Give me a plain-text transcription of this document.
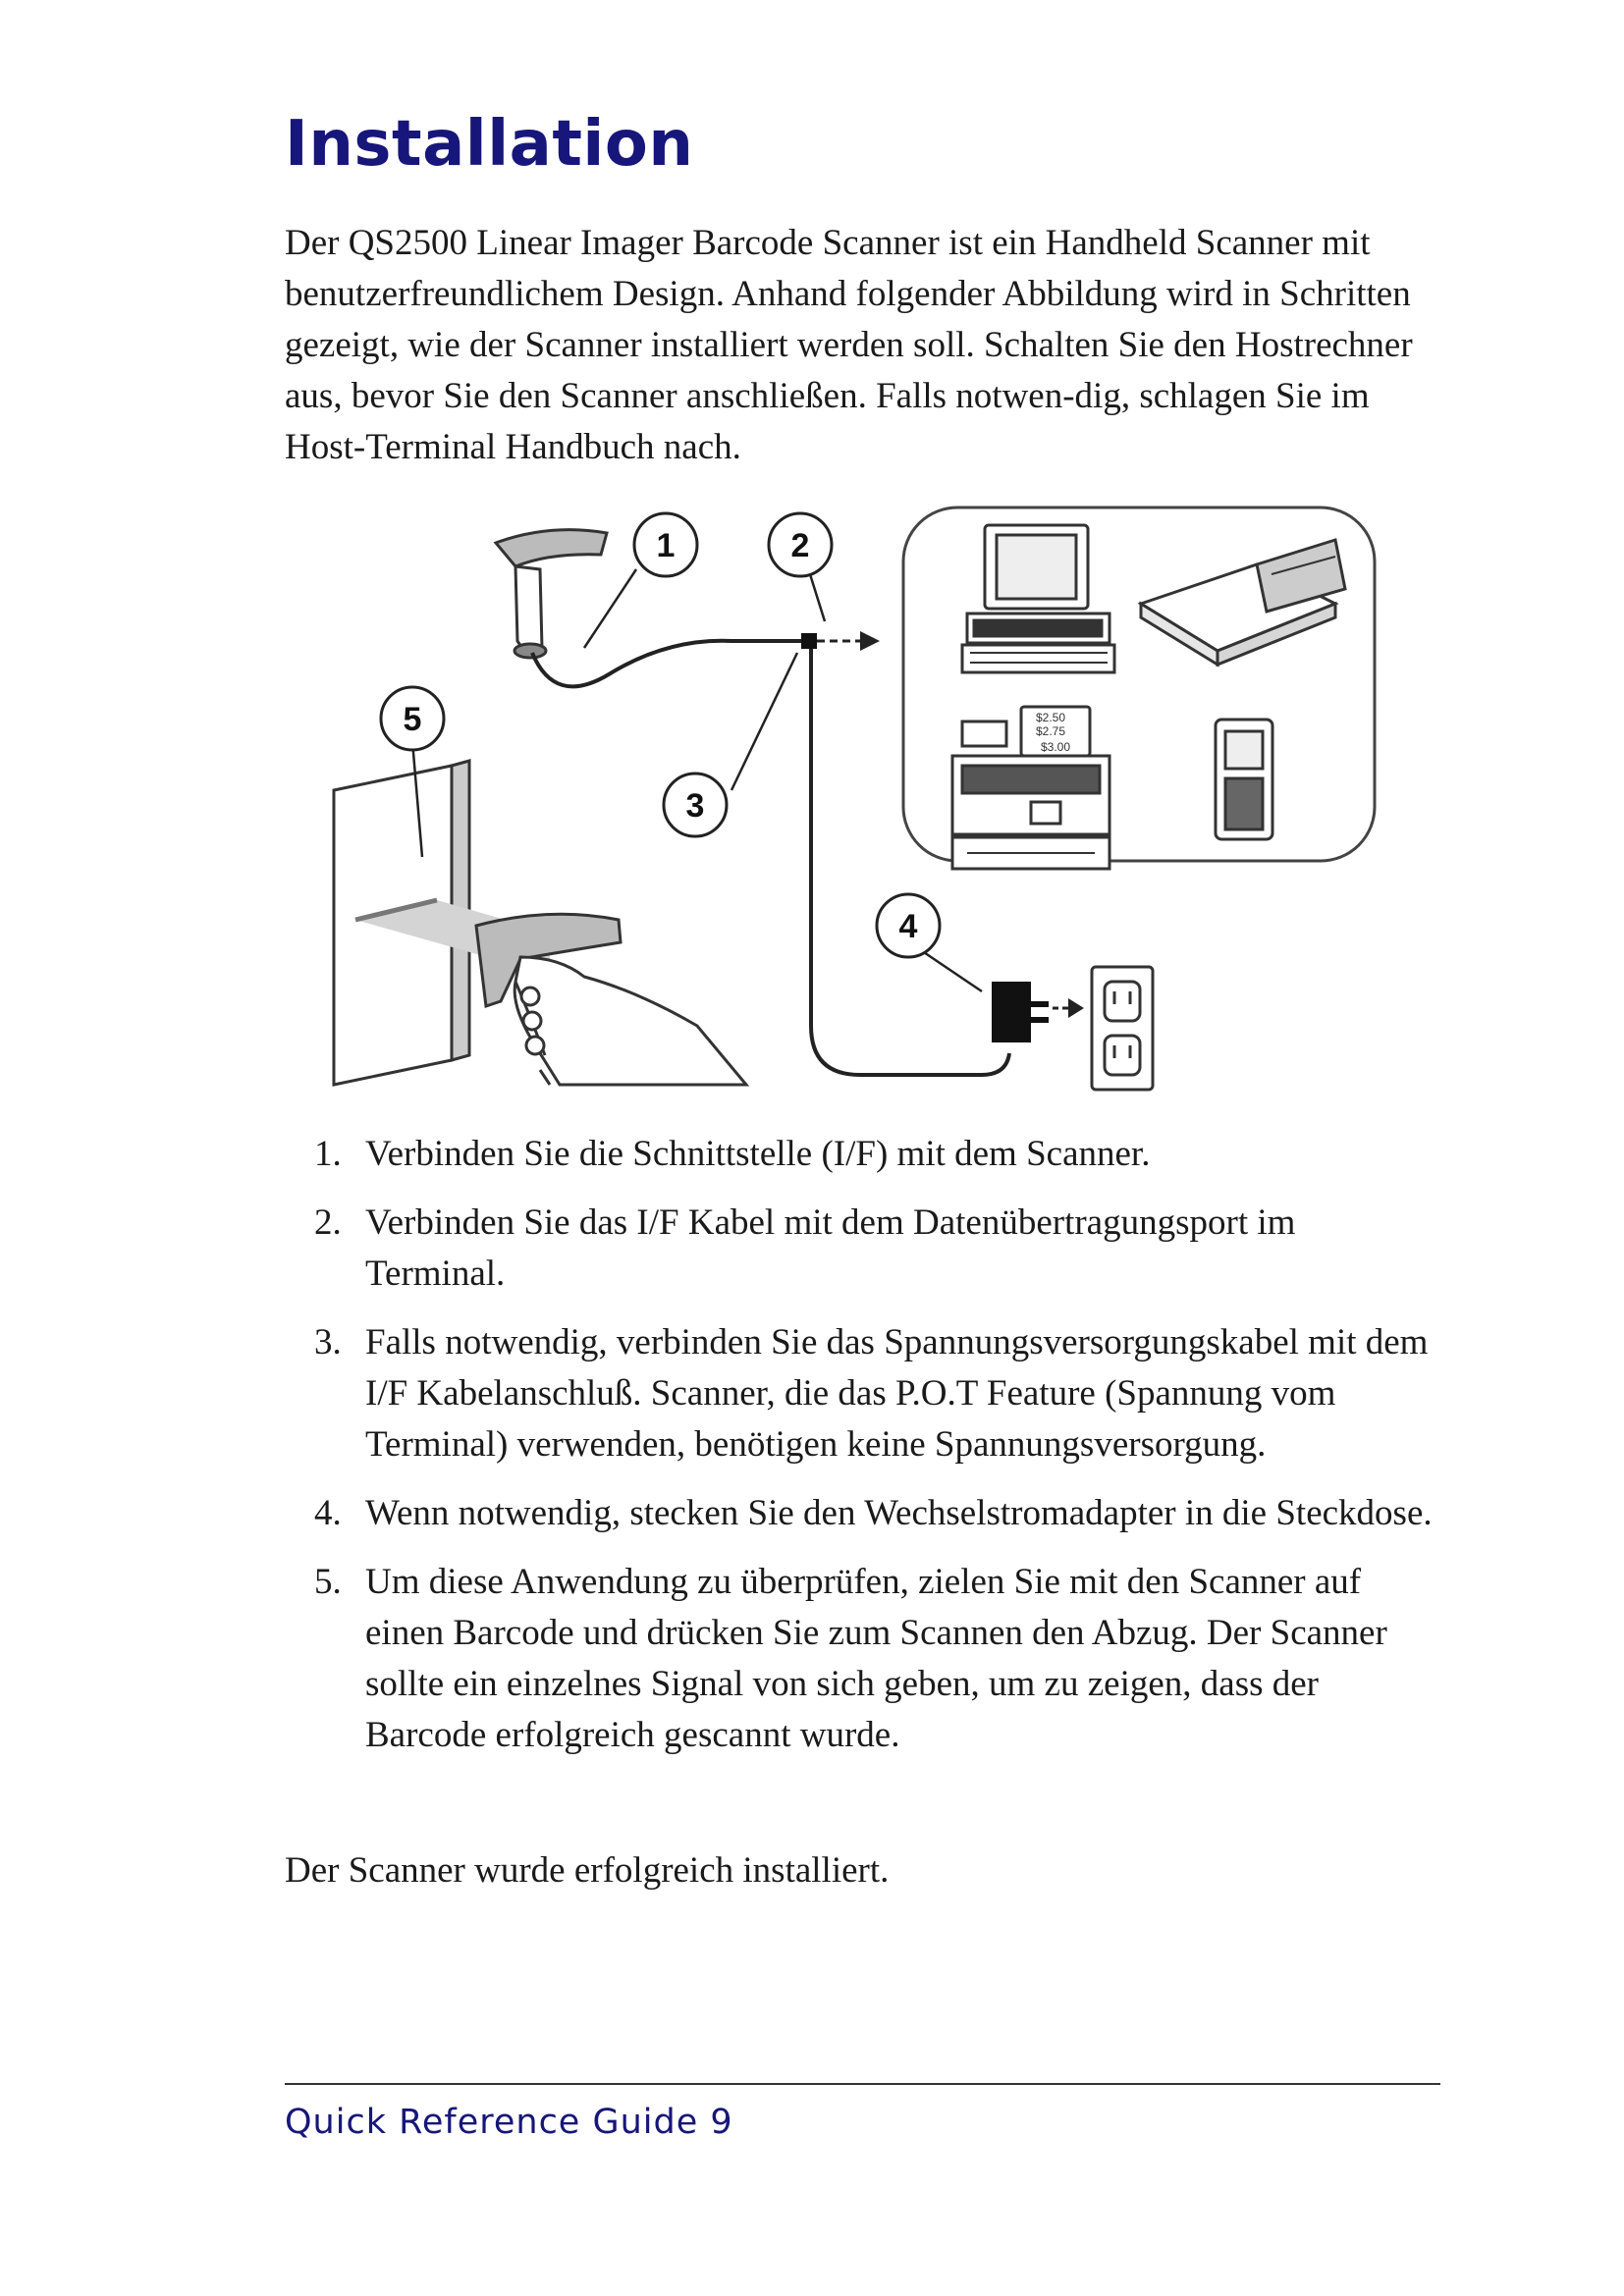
Installation

Der QS2500 Linear Imager Barcode Scanner ist ein Handheld Scanner mit benutzerfreundlichem Design. Anhand folgender Abbildung wird in Schritten gezeigt, wie der Scanner installiert werden soll. Schalten Sie den Hostrechner aus, bevor Sie den Scanner anschließen. Falls notwen-dig, schlagen Sie im Host-Terminal Handbuch nach.

$2.50
$2.75
$3.00
1	2
3
4
5
1. Verbinden Sie die Schnittstelle (I/F) mit dem Scanner.
2. Verbinden Sie das I/F Kabel mit dem Datenübertragungsport im Terminal.
3. Falls notwendig, verbinden Sie das Spannungsversorgungskabel mit dem I/F Kabelanschluß. Scanner, die das P.O.T Feature (Spannung vom Terminal) verwenden, benötigen keine Spannungsversorgung.
4. Wenn notwendig, stecken Sie den Wechselstromadapter in die Steckdose.
5. Um diese Anwendung zu überprüfen, zielen Sie mit den Scanner auf einen Barcode und drücken Sie zum Scannen den Abzug. Der Scanner sollte ein einzelnes Signal von sich geben, um zu zeigen, dass der Barcode erfolgreich gescannt wurde.

Der Scanner wurde erfolgreich installiert.

Quick Reference Guide 9
